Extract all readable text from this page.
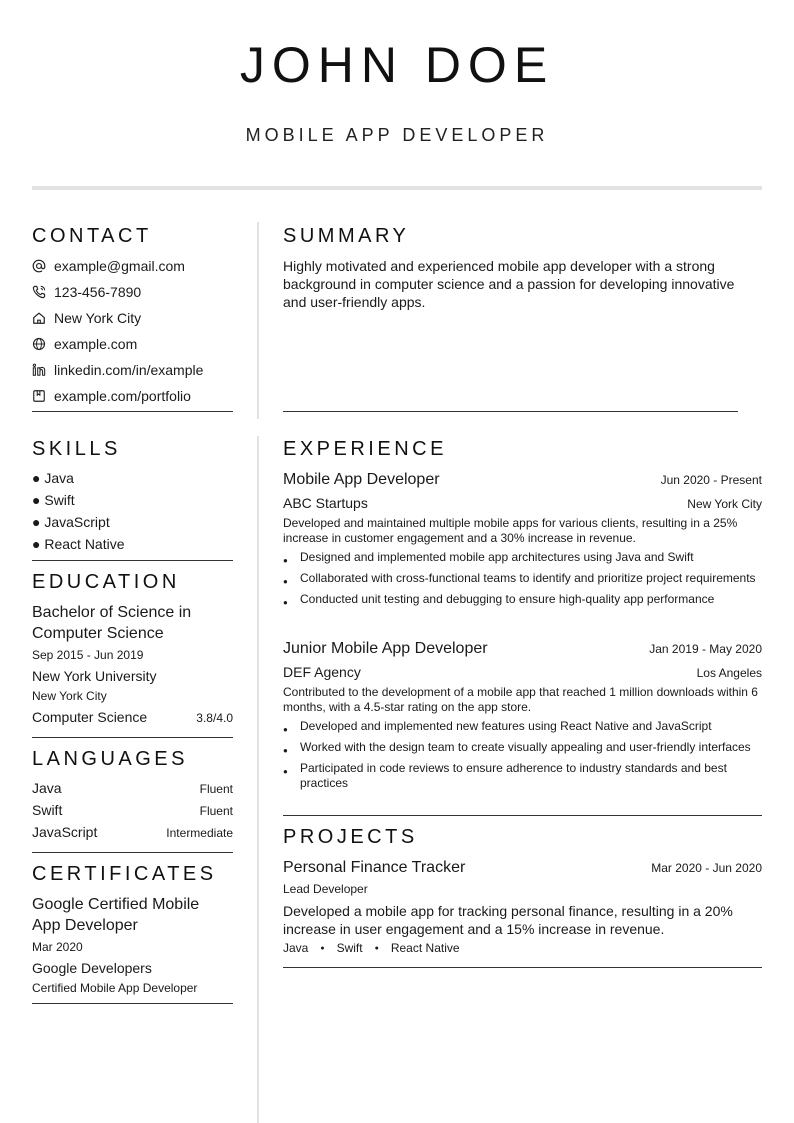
JOHN DOE
MOBILE APP DEVELOPER
CONTACT
example@gmail.com
123-456-7890
New York City
example.com
linkedin.com/in/example
example.com/portfolio
SKILLS
● Java
● Swift
● JavaScript
● React Native
EDUCATION
Bachelor of Science in Computer Science
Sep 2015 - Jun 2019
New York University
New York City
Computer Science	3.8/4.0
LANGUAGES
Java	Fluent
Swift	Fluent
JavaScript	Intermediate
CERTIFICATES
Google Certified Mobile App Developer
Mar 2020
Google Developers
Certified Mobile App Developer
SUMMARY
Highly motivated and experienced mobile app developer with a strong background in computer science and a passion for developing innovative and user-friendly apps.
EXPERIENCE
Mobile App Developer	Jun 2020 - Present
ABC Startups	New York City
Developed and maintained multiple mobile apps for various clients, resulting in a 25% increase in customer engagement and a 30% increase in revenue.
● Designed and implemented mobile app architectures using Java and Swift
● Collaborated with cross-functional teams to identify and prioritize project requirements
● Conducted unit testing and debugging to ensure high-quality app performance
Junior Mobile App Developer	Jan 2019 - May 2020
DEF Agency	Los Angeles
Contributed to the development of a mobile app that reached 1 million downloads within 6 months, with a 4.5-star rating on the app store.
● Developed and implemented new features using React Native and JavaScript
● Worked with the design team to create visually appealing and user-friendly interfaces
● Participated in code reviews to ensure adherence to industry standards and best practices
PROJECTS
Personal Finance Tracker	Mar 2020 - Jun 2020
Lead Developer
Developed a mobile app for tracking personal finance, resulting in a 20% increase in user engagement and a 15% increase in revenue.
Java ● Swift ● React Native
